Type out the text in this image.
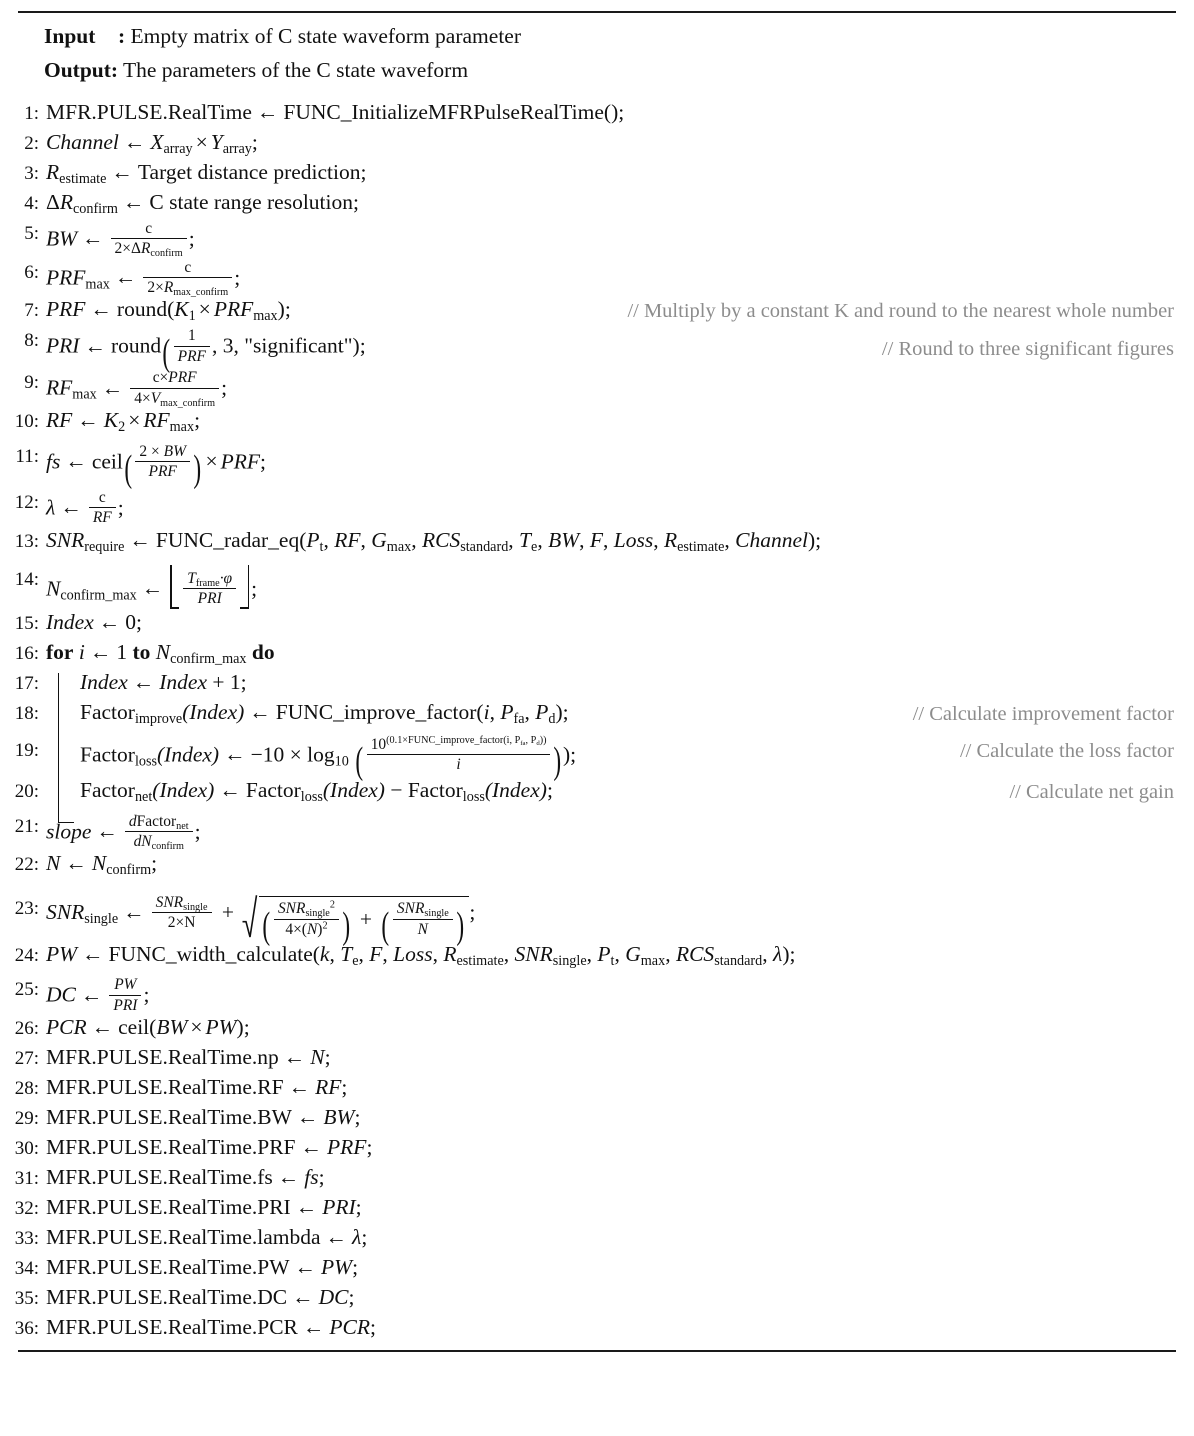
Input : Empty matrix of C state waveform parameter
Output: The parameters of the C state waveform
1: MFR.PULSE.RealTime ← FUNC_InitializeMFRPulseRealTime();
2: Channel ← $X_{array} \times Y_{array}$;
3: $R_{estimate}$ ← Target distance prediction;
4: $\Delta R_{confirm}$ ← C state range resolution;
5: BW ← $\frac{c}{2\times\Delta R_{confirm}}$ ;
6: $PRF_{max}$ ← $\frac{c}{2\times R_{max\_confirm}}$ ;
7: PRF ← $round(K_1 \times PRF_{max})$;	// Multiply by a constant K and round to the nearest whole number
8: PRI ← round( $\frac{1}{\text{PRF}}$ , 3, "significant");	// Round to three significant figures
9: $RF_{max}$ ← $\frac{\text{c×PRF}}{4\times V_{max\_confirm}}$ ;
10: RF ← $K_2 \times RF_{max}$;
11: fs ← ceil( $\frac{2 \times BW}{\text{PRF}}$ ) × PRF;
12: λ ← $\frac{c}{RF}$ ;
13: $SNR_{require}$ ← $FUNC\_radar\_eq(P_t$, RF, $G_{max}$, $RCS_{standard}$, $T_e$, BW, F, Loss, $R_{estimate}$, Channel);
14: $N_{confirm\_max}$ ← $\frac{T_{frame}\cdot\varphi}{\text{PRI}}$ ;
15: Index ← 0;
16: for i ← 1 to $N_{confirm\_max}$ do
17:	Index ← Index + 1;
18:	Factor$_{improve}$(Index) ← FUNC_improve_factor(i, $P_{fa}$, $P_d$);	// Calculate improvement factor
19:	Factor$_{loss}$(Index) ← $-10 \times \log_{10}$ ( $\frac{10^{(0.1\times FUNC\_improve\_factor(i, P_{fa}, P_d))}}{i}$ ));	// Calculate the loss factor
20:	Factor$_{net}$(Index) ← Factor$_{loss}$(Index) − Factor$_{loss}$(Index);	// Calculate net gain
21: slope ← $\frac{dFactor_{net}}{dN_{confirm}}$ ;
22: N ← $N_{confirm}$;
23: $SNR_{single}$ ← $\frac{SNR_{single}}{2\times N}$ + ( $\frac{SNR_{single}^2}{4\times(N)^2}$ ) + ( $\frac{SNR_{single}}{N}$ ) ;
24: PW ← FUNC_width_calculate(k, $T_e$, F, Loss, $R_{estimate}$, $SNR_{single}$, $P_t$, $G_{max}$, $RCS_{standard}$, λ);
25: DC ← $\frac{PW}{\text{PRI}}$ ;
26: PCR ← ceil(BW × PW);
27: MFR.PULSE.RealTime.np ← N;
28: MFR.PULSE.RealTime.RF ← RF;
29: MFR.PULSE.RealTime.BW ← BW;
30: MFR.PULSE.RealTime.PRF ← PRF;
31: MFR.PULSE.RealTime.fs ← fs;
32: MFR.PULSE.RealTime.PRI ← PRI;
33: MFR.PULSE.RealTime.lambda ← λ;
34: MFR.PULSE.RealTime.PW ← PW;
35: MFR.PULSE.RealTime.DC ← DC;
36: MFR.PULSE.RealTime.PCR ← PCR;
